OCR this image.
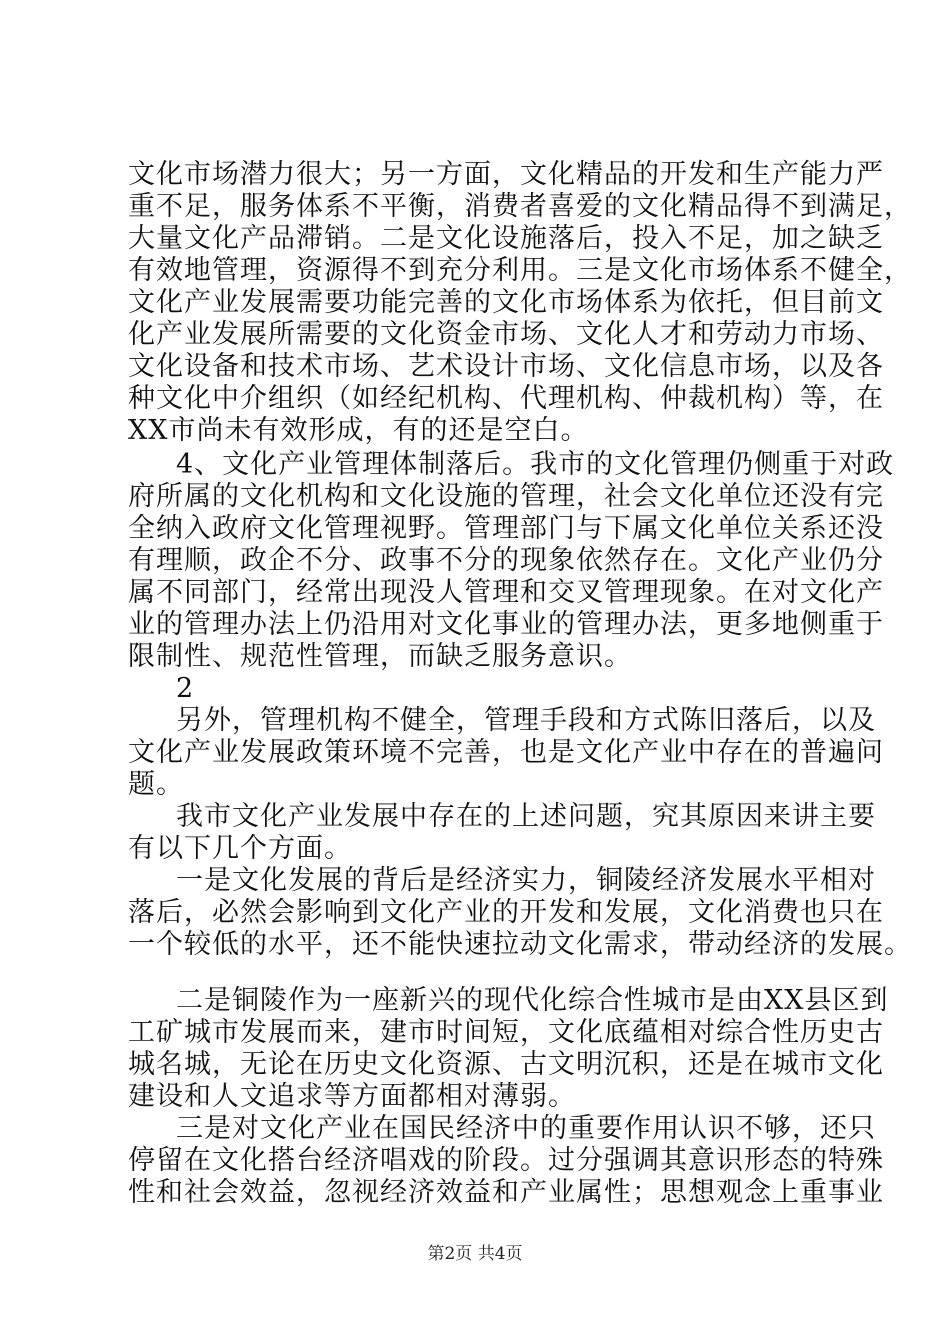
文化市场潜力很大；另一方面，文化精品的开发和生产能力严
重不足，服务体系不平衡，消费者喜爱的文化精品得不到满足，
大量文化产品滞销。二是文化设施落后，投入不足，加之缺乏
有效地管理，资源得不到充分利用。三是文化市场体系不健全，
文化产业发展需要功能完善的文化市场体系为依托，但目前文
化产业发展所需要的文化资金市场、文化人才和劳动力市场、
文化设备和技术市场、艺术设计市场、文化信息市场，以及各
种文化中介组织（如经纪机构、代理机构、仲裁机构）等，在
XX市尚未有效形成，有的还是空白。
4、文化产业管理体制落后。我市的文化管理仍侧重于对政
府所属的文化机构和文化设施的管理，社会文化单位还没有完
全纳入政府文化管理视野。管理部门与下属文化单位关系还没
有理顺，政企不分、政事不分的现象依然存在。文化产业仍分
属不同部门，经常出现没人管理和交叉管理现象。在对文化产
业的管理办法上仍沿用对文化事业的管理办法，更多地侧重于
限制性、规范性管理，而缺乏服务意识。
2
另外，管理机构不健全，管理手段和方式陈旧落后，以及
文化产业发展政策环境不完善，也是文化产业中存在的普遍问
题。
我市文化产业发展中存在的上述问题，究其原因来讲主要
有以下几个方面。
一是文化发展的背后是经济实力，铜陵经济发展水平相对
落后，必然会影响到文化产业的开发和发展，文化消费也只在
一个较低的水平，还不能快速拉动文化需求，带动经济的发展。
二是铜陵作为一座新兴的现代化综合性城市是由XX县区到
工矿城市发展而来，建市时间短，文化底蕴相对综合性历史古
城名城，无论在历史文化资源、古文明沉积，还是在城市文化
建设和人文追求等方面都相对薄弱。
三是对文化产业在国民经济中的重要作用认识不够，还只
停留在文化搭台经济唱戏的阶段。过分强调其意识形态的特殊
性和社会效益，忽视经济效益和产业属性；思想观念上重事业
第2页 共4页
